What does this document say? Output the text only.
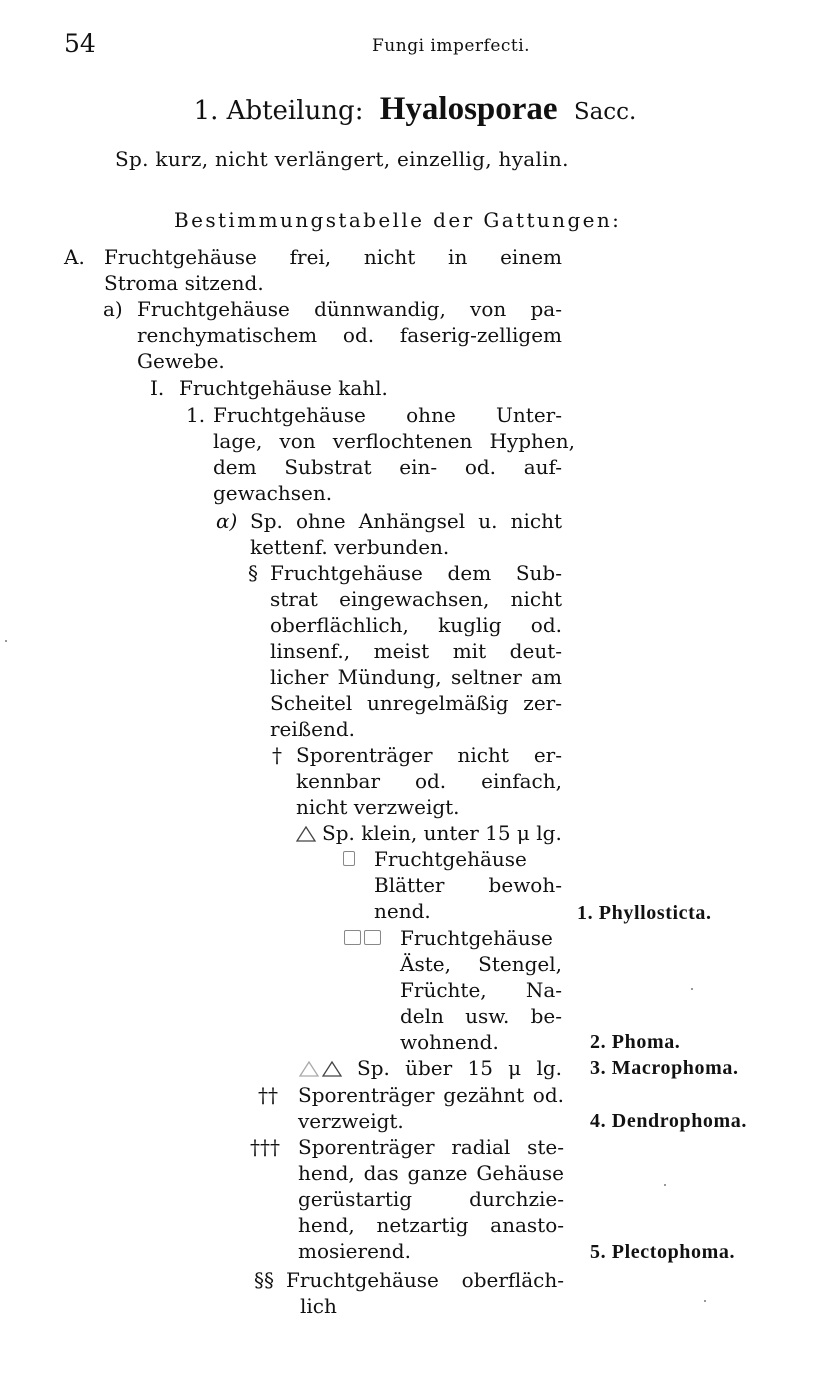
54	Fungi imperfecti.
1. Abteilung: Hyalosporae Sacc.
Sp. kurz, nicht verlängert, einzellig, hyalin.
Bestimmungstabelle der Gattungen:
A. Fruchtgehäuse frei, nicht in einem
Stroma sitzend.
a) Fruchtgehäuse dünnwandig, von pa-
renchymatischem od. faserig-zelligem
Gewebe.
I. Fruchtgehäuse kahl.
1. Fruchtgehäuse ohne Unter-
lage, von verflochtenen Hyphen,
dem Substrat ein- od. auf-
gewachsen.
α) Sp. ohne Anhängsel u. nicht
kettenf. verbunden.
§ Fruchtgehäuse dem Sub-
strat eingewachsen, nicht
oberflächlich, kuglig od.
linsenf., meist mit deut-
licher Mündung, seltner am
Scheitel unregelmäßig zer-
reißend.
† Sporenträger nicht er-
kennbar od. einfach,
nicht verzweigt.
Sp. klein, unter 15 μ lg.
Fruchtgehäuse
Blätter bewoh-
nend.	1. Phyllosticta.
Fruchtgehäuse
Äste, Stengel,
Früchte, Na-
deln usw. be-
wohnend.	2. Phoma.
Sp. über 15 μ lg. 3. Macrophoma.
†† Sporenträger gezähnt od.
verzweigt.	4. Dendrophoma.
††† Sporenträger radial ste-
hend, das ganze Gehäuse
gerüstartig durchzie-
hend, netzartig anasto-
mosierend.	5. Plectophoma.
§§ Fruchtgehäuse oberfläch-
lich
